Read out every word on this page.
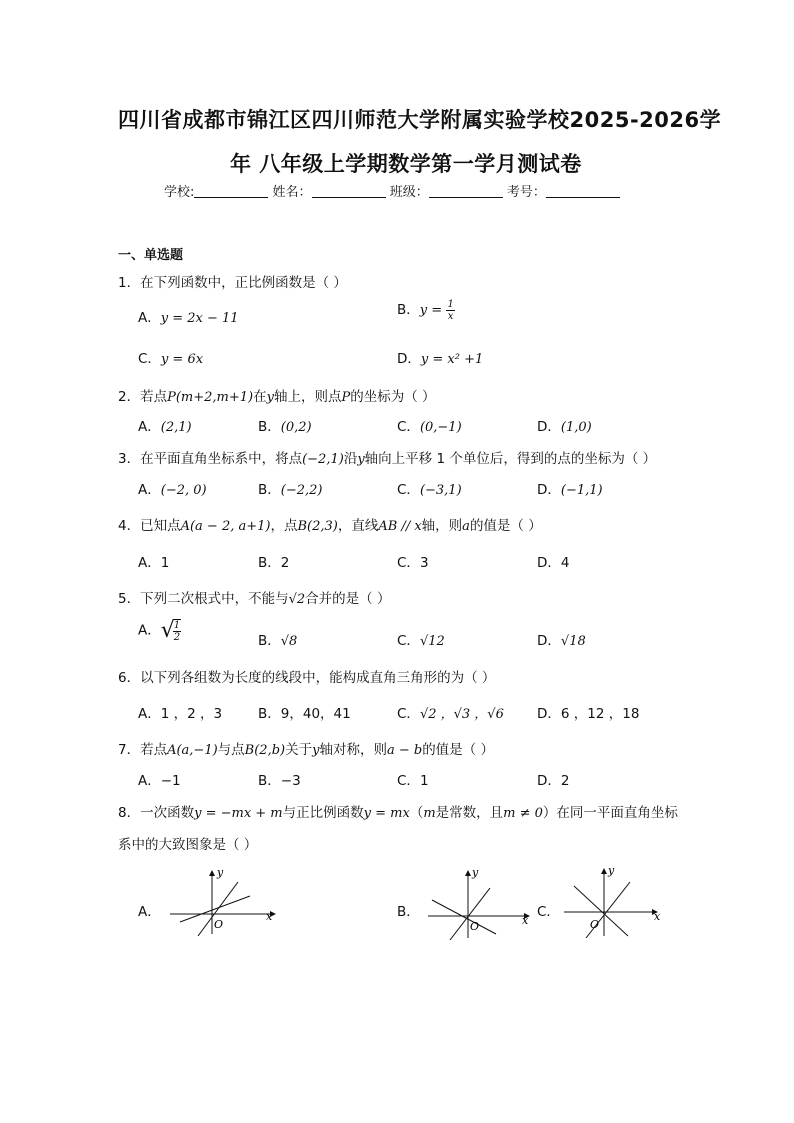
四川省成都市锦江区四川师范大学附属实验学校2025-2026学
年 八年级上学期数学第一学月测试卷
学校:	姓名：	班级：	考号：
一、单选题
1．在下列函数中，正比例函数是（ ）
A．y = 2x − 11
B．$y = \frac{1}{x}$
C．y = 6x	D．y = x² +1
2．若点P(m+2,m+1)在y轴上，则点P的坐标为（ ）
A．(2,1)	B．(0,2)	C．(0,−1)	D．(1,0)
3．在平面直角坐标系中，将点(−2,1)沿y轴向上平移 1 个单位后，得到的点的坐标为（ ）
A．(−2, 0)	B．(−2,2)	C．(−3,1)	D．(−1,1)
4．已知点A(a − 2, a+1)，点B(2,3)，直线AB // x轴，则a的值是（ ）
A．1	B．2	C．3	D．4
5．下列二次根式中，不能与√2合并的是（ ）
A．√
$\frac{1}{2}$	B．√8	C．√12	D．√18
6．以下列各组数为长度的线段中，能构成直角三角形的为（ ）
A．1 ，2 ，3	B．9，40，41	C．√2 ，√3 ，√6 D．6 ，12 ，18
7．若点A(a,−1)与点B(2,b)关于y轴对称，则a − b的值是（ ）
A．−1	B．−3	C．1	D．2
8．一次函数y = −mx + m与正比例函数y = mx（m是常数，且m ≠ 0）在同一平面直角坐标
系中的大致图象是（ ）
A．
y
x
O
B．
y
x
O
C．
y
x
O
